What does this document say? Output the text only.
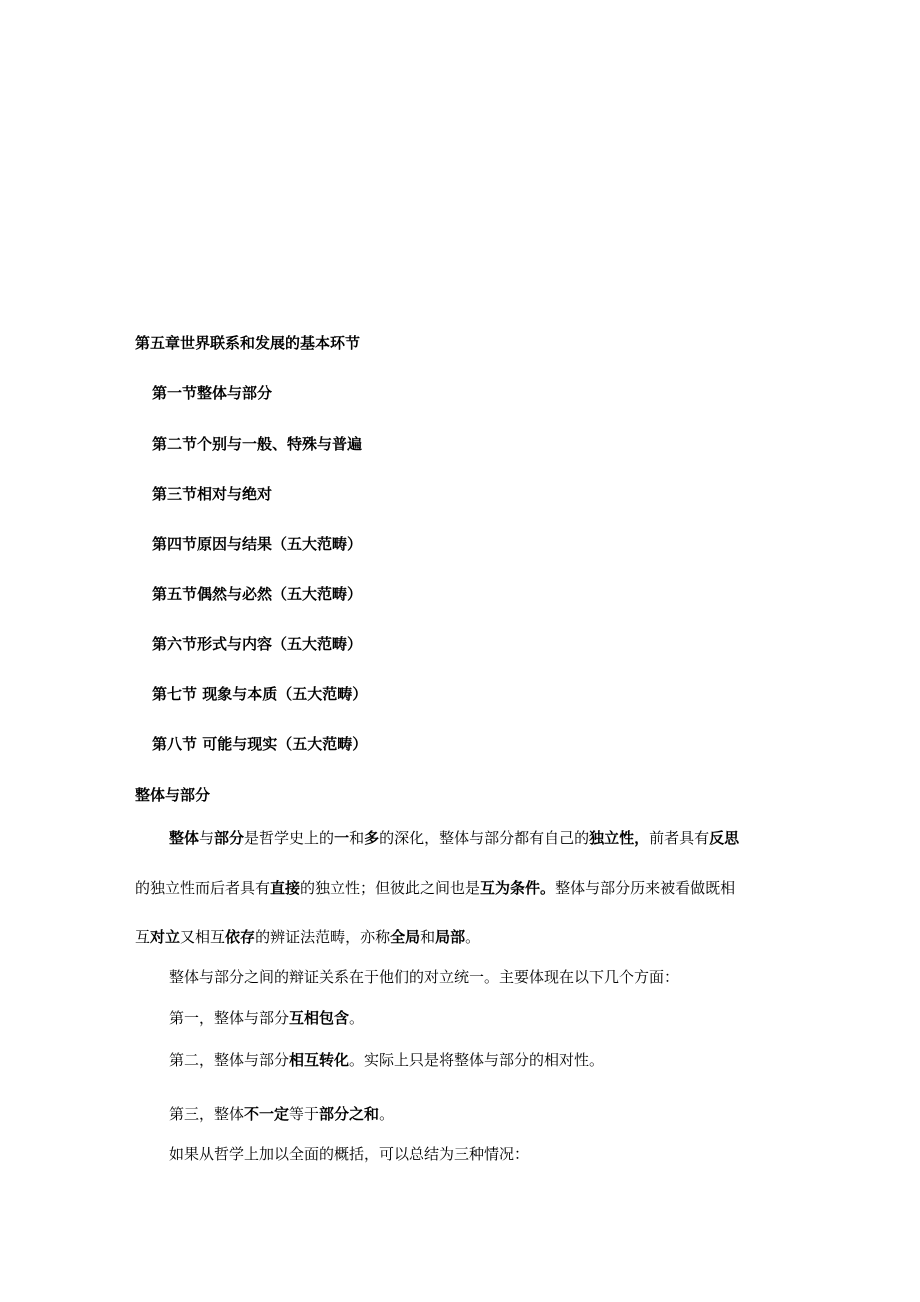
第五章世界联系和发展的基本环节
第一节整体与部分
第二节个别与一般、特殊与普遍
第三节相对与绝对
第四节原因与结果（五大范畴）
第五节偶然与必然（五大范畴）
第六节形式与内容（五大范畴）
第七节 现象与本质（五大范畴）
第八节 可能与现实（五大范畴）
整体与部分
整体与部分是哲学史上的一和多的深化，整体与部分都有自己的独立性，前者具有反思
的独立性而后者具有直接的独立性；但彼此之间也是互为条件。整体与部分历来被看做既相
互对立又相互依存的辨证法范畴，亦称全局和局部。
整体与部分之间的辩证关系在于他们的对立统一。主要体现在以下几个方面：
第一，整体与部分互相包含。
第二，整体与部分相互转化。实际上只是将整体与部分的相对性。
第三，整体不一定等于部分之和。
如果从哲学上加以全面的概括，可以总结为三种情况：
